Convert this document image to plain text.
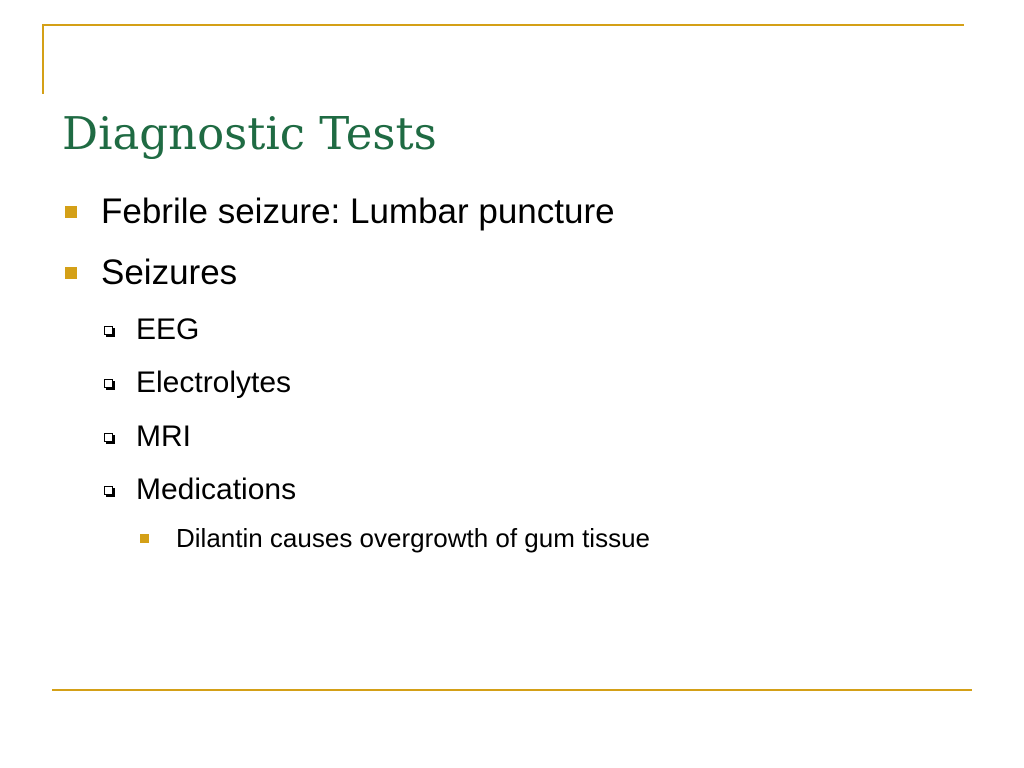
Diagnostic Tests
Febrile seizure: Lumbar puncture
Seizures
EEG
Electrolytes
MRI
Medications
Dilantin causes overgrowth of gum tissue
